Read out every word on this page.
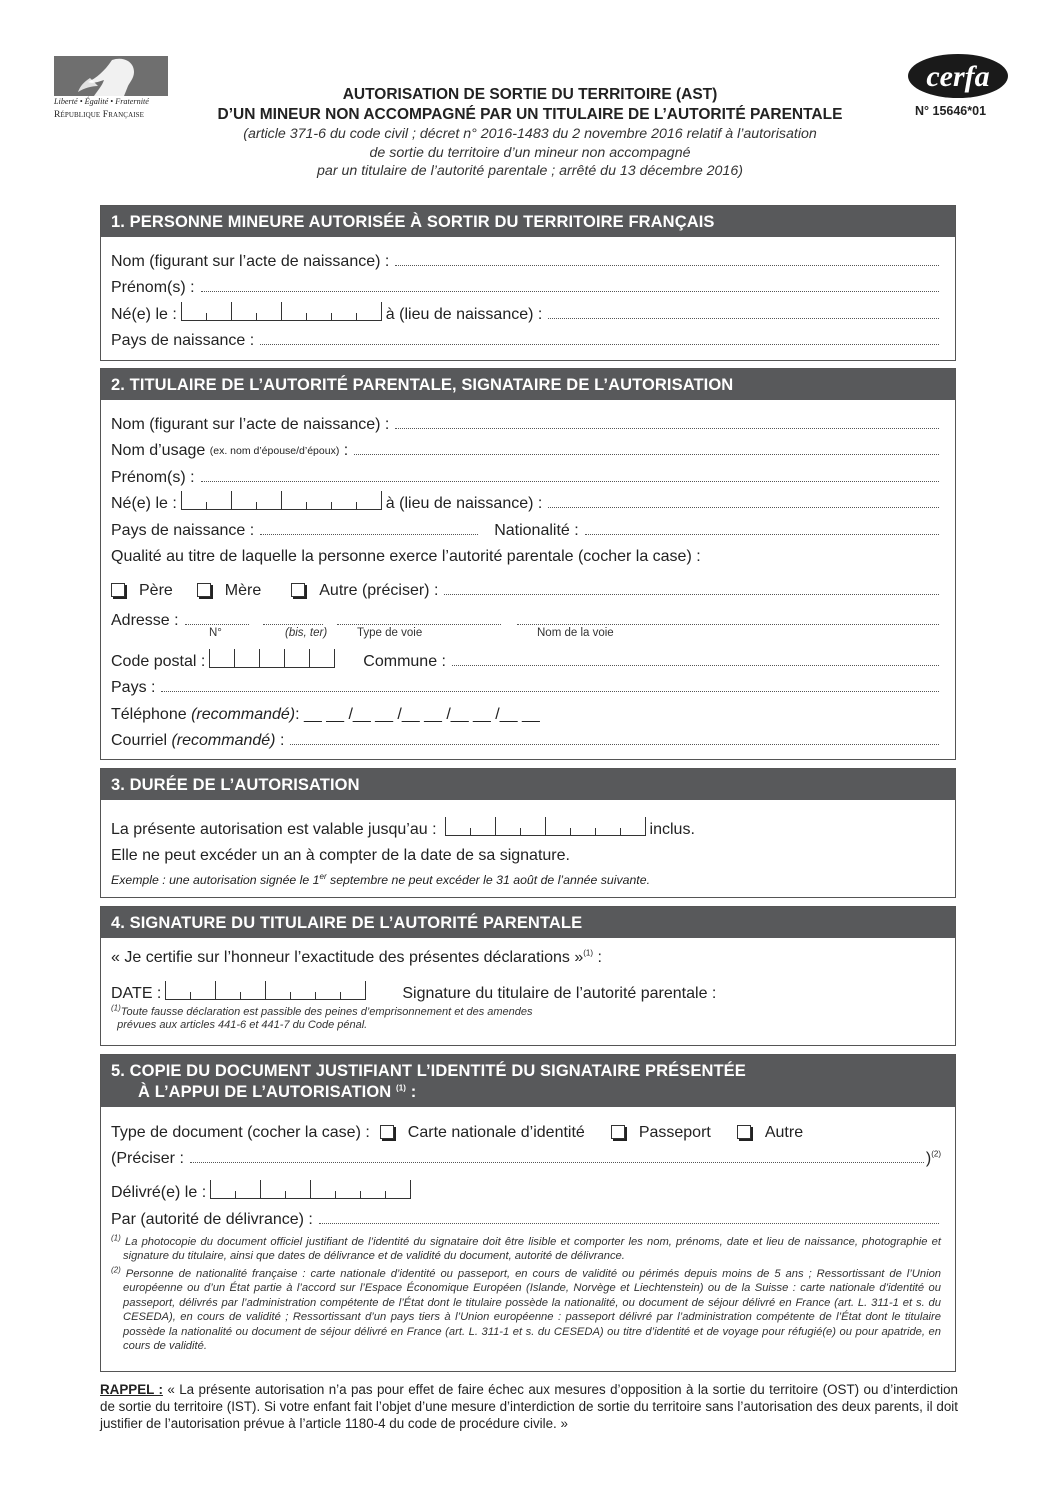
Liberté • Égalité • Fraternité
République Française
AUTORISATION DE SORTIE DU TERRITOIRE (AST)
D’UN MINEUR NON ACCOMPAGNÉ PAR UN TITULAIRE DE L’AUTORITÉ PARENTALE
(article 371-6 du code civil ; décret n° 2016-1483 du 2 novembre 2016 relatif à l’autorisation
de sortie du territoire d’un mineur non accompagné
par un titulaire de l’autorité parentale ; arrêté du 13 décembre 2016)
cerfa
N° 15646*01
1. PERSONNE MINEURE AUTORISÉE À SORTIR DU TERRITOIRE FRANÇAIS
Nom (figurant sur l’acte de naissance) :
Prénom(s) :
Né(e) le :	à (lieu de naissance) :
Pays de naissance :
2. TITULAIRE DE L’AUTORITÉ PARENTALE, SIGNATAIRE DE L’AUTORISATION
Nom (figurant sur l’acte de naissance) :
Nom d’usage
(ex. nom d’épouse/d’époux)
:
Prénom(s) :
Né(e) le :	à (lieu de naissance) :
Pays de naissance :	Nationalité :
Qualité au titre de laquelle la personne exerce l’autorité parentale (cocher la case) :
Père	Mère	Autre (préciser) :
Adresse :
N°	(bis, ter)	Type de voie	Nom de la voie
Code postal :	Commune :
Pays :
Téléphone
(recommandé) : __ __ /__ __ /__ __ /__ __ /__ __
Courriel
(recommandé) :
3. DURÉE DE L’AUTORISATION
La présente autorisation est valable jusqu’au :	inclus.
Elle ne peut excéder un an à compter de la date de sa signature.
Exemple : une autorisation signée le 1er septembre ne peut excéder le 31 août de l’année suivante.
4. SIGNATURE DU TITULAIRE DE L’AUTORITÉ PARENTALE
« Je certifie sur l’honneur l’exactitude des présentes déclarations »$^{(1)}$ :
DATE :	Signature du titulaire de l’autorité parentale :
$^{(1)}$Toute fausse déclaration est passible des peines d’emprisonnement et des amendes
prévues aux articles 441-6 et 441-7 du Code pénal.
5. COPIE DU DOCUMENT JUSTIFIANT L’IDENTITÉ DU SIGNATAIRE PRÉSENTÉE
À L’APPUI DE L’AUTORISATION $^{(1)}$ :
Type de document (cocher la case) : Carte nationale d’identité	Passeport	Autre
(Préciser :	)$^{(2)}$
Délivré(e) le :
Par (autorité de délivrance) :
$^{(1)}$ La photocopie du document officiel justifiant de l’identité du signataire doit être lisible et comporter les nom, prénoms, date et lieu de naissance, photographie et signature du titulaire, ainsi que dates de délivrance et de validité du document, autorité de délivrance.
$^{(2)}$ Personne de nationalité française : carte nationale d’identité ou passeport, en cours de validité ou périmés depuis moins de 5 ans ; Ressortissant de l’Union européenne ou d’un État partie à l’accord sur l’Espace Économique Européen (Islande, Norvège et Liechtenstein) ou de la Suisse : carte nationale d’identité ou passeport, délivrés par l’administration compétente de l’État dont le titulaire possède la nationalité, ou document de séjour délivré en France (art. L. 311-1 et s. du CESEDA), en cours de validité ; Ressortissant d’un pays tiers à l’Union européenne : passeport délivré par l’administration compétente de l’État dont le titulaire possède la nationalité ou document de séjour délivré en France (art. L. 311-1 et s. du CESEDA) ou titre d’identité et de voyage pour réfugié(e) ou pour apatride, en cours de validité.
RAPPEL : « La présente autorisation n’a pas pour effet de faire échec aux mesures d’opposition à la sortie du territoire (OST) ou d’interdiction de sortie du territoire (IST). Si votre enfant fait l’objet d’une mesure d’interdiction de sortie du territoire sans l’autorisation des deux parents, il doit justifier de l’autorisation prévue à l’article 1180-4 du code de procédure civile. »
